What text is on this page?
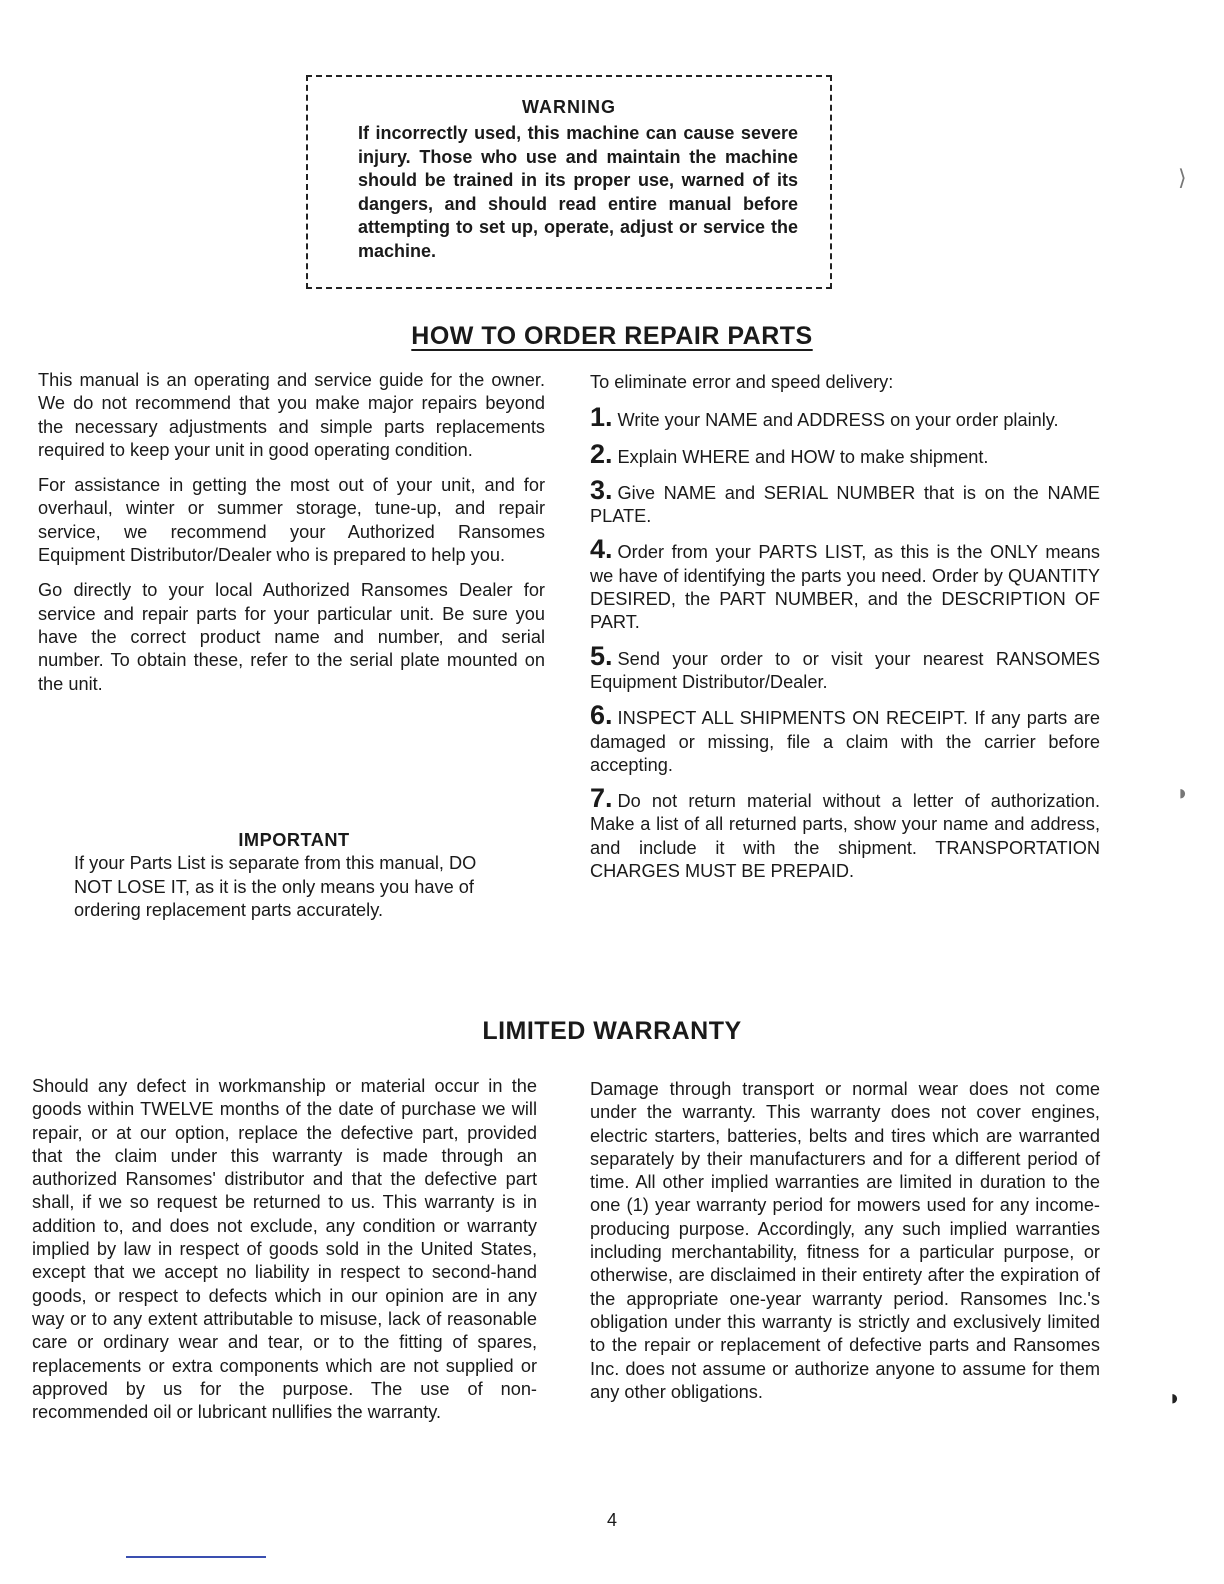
WARNING
If incorrectly used, this machine can cause severe injury. Those who use and maintain the machine should be trained in its proper use, warned of its dangers, and should read entire manual before attempting to set up, operate, adjust or service the machine.
HOW TO ORDER REPAIR PARTS

This manual is an operating and service guide for the owner. We do not recommend that you make major repairs beyond the necessary adjustments and simple parts replacements required to keep your unit in good operating condition.

For assistance in getting the most out of your unit, and for overhaul, winter or summer storage, tune-up, and repair service, we recommend your Authorized Ransomes Equipment Distributor/Dealer who is prepared to help you.

Go directly to your local Authorized Ransomes Dealer for service and repair parts for your particular unit. Be sure you have the correct product name and number, and serial number. To obtain these, refer to the serial plate mounted on the unit.

IMPORTANT
If your Parts List is separate from this manual, DO NOT LOSE IT, as it is the only means you have of ordering replacement parts accurately.

To eliminate error and speed delivery:

1. Write your NAME and ADDRESS on your order plainly.
2. Explain WHERE and HOW to make shipment.
3. Give NAME and SERIAL NUMBER that is on the NAME PLATE.
4. Order from your PARTS LIST, as this is the ONLY means we have of identifying the parts you need. Order by QUANTITY DESIRED, the PART NUMBER, and the DESCRIPTION OF PART.
5. Send your order to or visit your nearest RANSOMES Equipment Distributor/Dealer.
6. INSPECT ALL SHIPMENTS ON RECEIPT. If any parts are damaged or missing, file a claim with the carrier before accepting.
7. Do not return material without a letter of authorization. Make a list of all returned parts, show your name and address, and include it with the shipment. TRANSPORTATION CHARGES MUST BE PREPAID.
LIMITED WARRANTY

Should any defect in workmanship or material occur in the goods within TWELVE months of the date of purchase we will repair, or at our option, replace the defective part, provided that the claim under this warranty is made through an authorized Ransomes' distributor and that the defective part shall, if we so request be returned to us. This warranty is in addition to, and does not exclude, any condition or warranty implied by law in respect of goods sold in the United States, except that we accept no liability in respect to second-hand goods, or respect to defects which in our opinion are in any way or to any extent attributable to misuse, lack of reasonable care or ordinary wear and tear, or to the fitting of spares, replacements or extra components which are not supplied or approved by us for the purpose. The use of non-recommended oil or lubricant nullifies the warranty.

Damage through transport or normal wear does not come under the warranty. This warranty does not cover engines, electric starters, batteries, belts and tires which are warranted separately by their manufacturers and for a different period of time. All other implied warranties are limited in duration to the one (1) year warranty period for mowers used for any income-producing purpose. Accordingly, any such implied warranties including merchantability, fitness for a particular purpose, or otherwise, are disclaimed in their entirety after the expiration of the appropriate one-year warranty period. Ransomes Inc.'s obligation under this warranty is strictly and exclusively limited to the repair or replacement of defective parts and Ransomes Inc. does not assume or authorize anyone to assume for them any other obligations.

4
⟩
◗
◗
